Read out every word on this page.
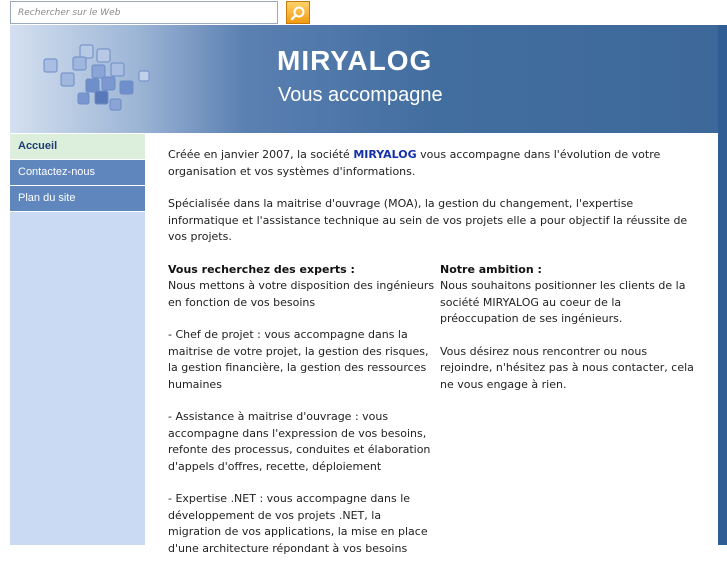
Rechercher sur le Web
MIRYALOG
Vous accompagne
Accueil
Contactez-nous
Plan du site

Créée en janvier 2007, la société MIRYALOG vous accompagne dans l'évolution de votre organisation et vos systèmes d'informations.

Spécialisée dans la maitrise d'ouvrage (MOA), la gestion du changement, l'expertise informatique et l'assistance technique au sein de vos projets elle a pour objectif la réussite de vos projets.

Vous recherchez des experts :

Nous mettons à votre disposition des ingénieurs en fonction de vos besoins

- Chef de projet : vous accompagne dans la maitrise de votre projet, la gestion des risques, la gestion financière, la gestion des ressources humaines

- Assistance à maitrise d'ouvrage : vous accompagne dans l'expression de vos besoins, refonte des processus, conduites et élaboration d'appels d'offres, recette, déploiement

- Expertise .NET : vous accompagne dans le développement de vos projets .NET, la migration de vos applications, la mise en place d'une architecture répondant à vos besoins

Notre ambition :

Nous souhaitons positionner les clients de la société MIRYALOG au coeur de la préoccupation de ses ingénieurs.

Vous désirez nous rencontrer ou nous rejoindre, n'hésitez pas à nous contacter, cela ne vous engage à rien.
